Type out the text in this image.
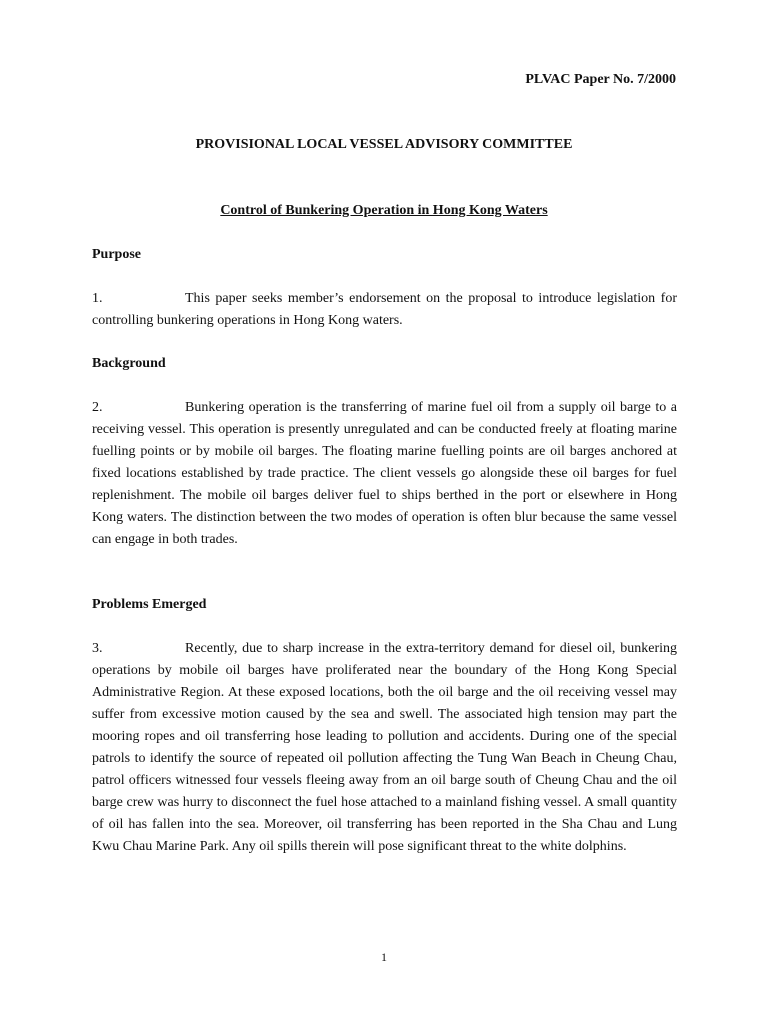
PLVAC Paper No. 7/2000
PROVISIONAL LOCAL VESSEL ADVISORY COMMITTEE
Control of Bunkering Operation in Hong Kong Waters
Purpose
1.	This paper seeks member’s endorsement on the proposal to introduce legislation for controlling bunkering operations in Hong Kong waters.
Background
2.	Bunkering operation is the transferring of marine fuel oil from a supply oil barge to a receiving vessel. This operation is presently unregulated and can be conducted freely at floating marine fuelling points or by mobile oil barges. The floating marine fuelling points are oil barges anchored at fixed locations established by trade practice. The client vessels go alongside these oil barges for fuel replenishment. The mobile oil barges deliver fuel to ships berthed in the port or elsewhere in Hong Kong waters. The distinction between the two modes of operation is often blur because the same vessel can engage in both trades.
Problems Emerged
3.	Recently, due to sharp increase in the extra-territory demand for diesel oil, bunkering operations by mobile oil barges have proliferated near the boundary of the Hong Kong Special Administrative Region. At these exposed locations, both the oil barge and the oil receiving vessel may suffer from excessive motion caused by the sea and swell. The associated high tension may part the mooring ropes and oil transferring hose leading to pollution and accidents. During one of the special patrols to identify the source of repeated oil pollution affecting the Tung Wan Beach in Cheung Chau, patrol officers witnessed four vessels fleeing away from an oil barge south of Cheung Chau and the oil barge crew was hurry to disconnect the fuel hose attached to a mainland fishing vessel. A small quantity of oil has fallen into the sea. Moreover, oil transferring has been reported in the Sha Chau and Lung Kwu Chau Marine Park. Any oil spills therein will pose significant threat to the white dolphins.
1
